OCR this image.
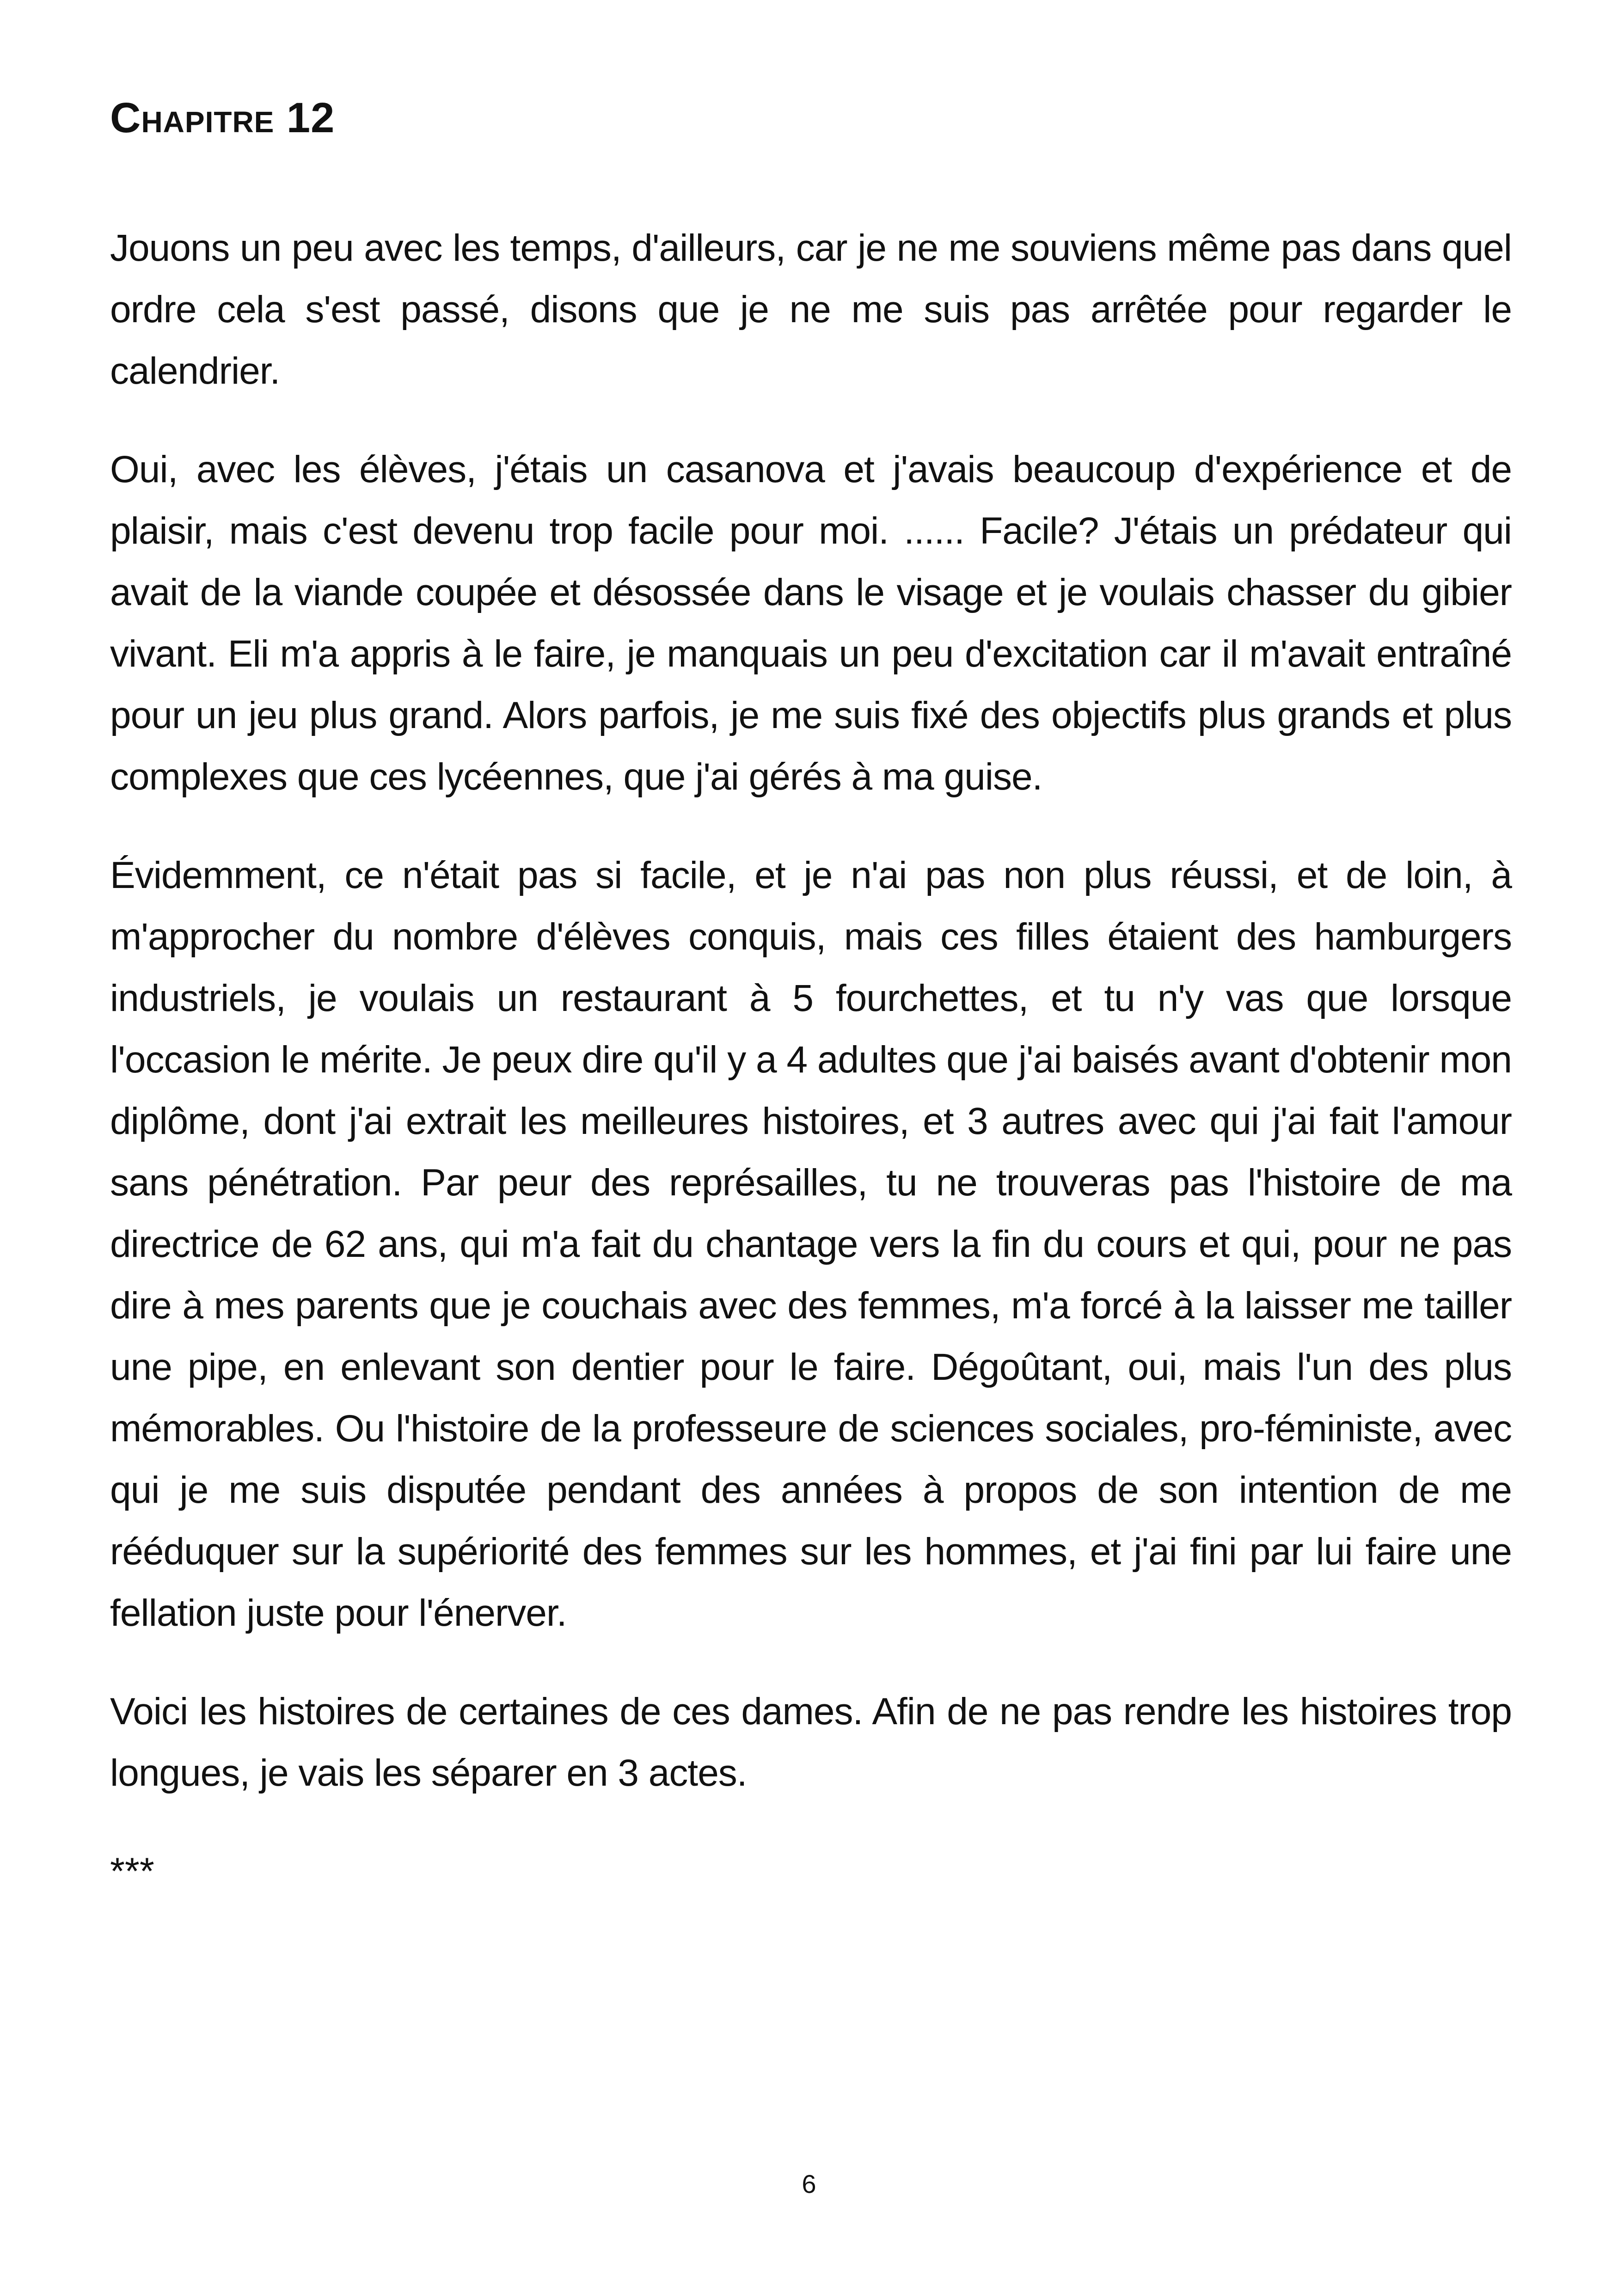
Chapitre 12

Jouons un peu avec les temps, d'ailleurs, car je ne me souviens même pas dans quel ordre cela s'est passé, disons que je ne me suis pas arrêtée pour regarder le calendrier.

Oui, avec les élèves, j'étais un casanova et j'avais beaucoup d'expérience et de plaisir, mais c'est devenu trop facile pour moi. ...... Facile? J'étais un prédateur qui avait de la viande coupée et désossée dans le visage et je voulais chasser du gibier vivant. Eli m'a appris à le faire, je manquais un peu d'excitation car il m'avait entraîné pour un jeu plus grand. Alors parfois, je me suis fixé des objectifs plus grands et plus complexes que ces lycéennes, que j'ai gérés à ma guise.

Évidemment, ce n'était pas si facile, et je n'ai pas non plus réussi, et de loin, à m'approcher du nombre d'élèves conquis, mais ces filles étaient des hamburgers industriels, je voulais un restaurant à 5 fourchettes, et tu n'y vas que lorsque l'occasion le mérite. Je peux dire qu'il y a 4 adultes que j'ai baisés avant d'obtenir mon diplôme, dont j'ai extrait les meilleures histoires, et 3 autres avec qui j'ai fait l'amour sans pénétration. Par peur des représailles, tu ne trouveras pas l'histoire de ma directrice de 62 ans, qui m'a fait du chantage vers la fin du cours et qui, pour ne pas dire à mes parents que je couchais avec des femmes, m'a forcé à la laisser me tailler une pipe, en enlevant son dentier pour le faire. Dégoûtant, oui, mais l'un des plus mémorables. Ou l'histoire de la professeure de sciences sociales, pro-féministe, avec qui je me suis disputée pendant des années à propos de son intention de me rééduquer sur la supériorité des femmes sur les hommes, et j'ai fini par lui faire une fellation juste pour l'énerver.

Voici les histoires de certaines de ces dames. Afin de ne pas rendre les histoires trop longues, je vais les séparer en 3 actes.

***

6
